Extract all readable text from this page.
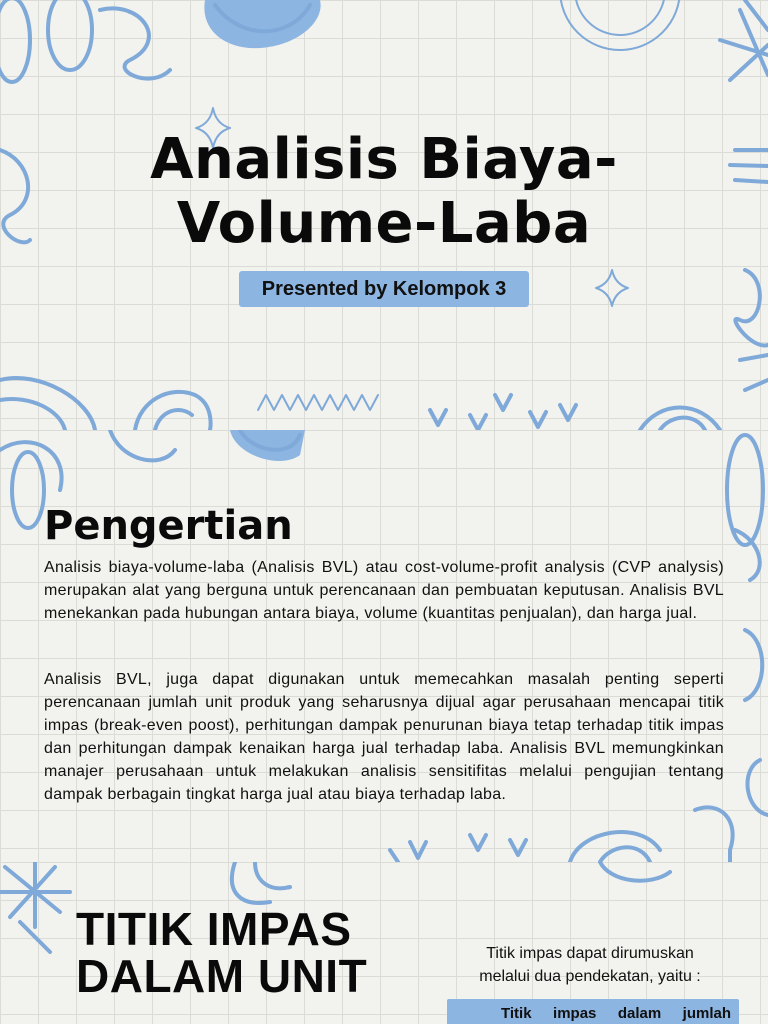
Analisis Biaya-
Volume-Laba
Presented by Kelompok 3
Pengertian

Analisis biaya-volume-laba (Analisis BVL) atau cost-volume-profit analysis (CVP analysis) merupakan alat yang berguna untuk perencanaan dan pembuatan keputusan. Analisis BVL menekankan pada hubungan antara biaya, volume (kuantitas penjualan), dan harga jual.

Analisis BVL, juga dapat digunakan untuk memecahkan masalah penting seperti perencanaan jumlah unit produk yang seharusnya dijual agar perusahaan mencapai titik impas (break-even poost), perhitungan dampak penurunan biaya tetap terhadap titik impas dan perhitungan dampak kenaikan harga jual terhadap laba. Analisis BVL memungkinkan manajer perusahaan untuk melakukan analisis sensitifitas melalui pengujian tentang dampak berbagain tingkat harga jual atau biaya terhadap laba.

TITIK IMPAS
DALAM UNIT	Titik impas dapat dirumuskan
melalui dua pendekatan, yaitu :

Titik impas dalam jumlah
